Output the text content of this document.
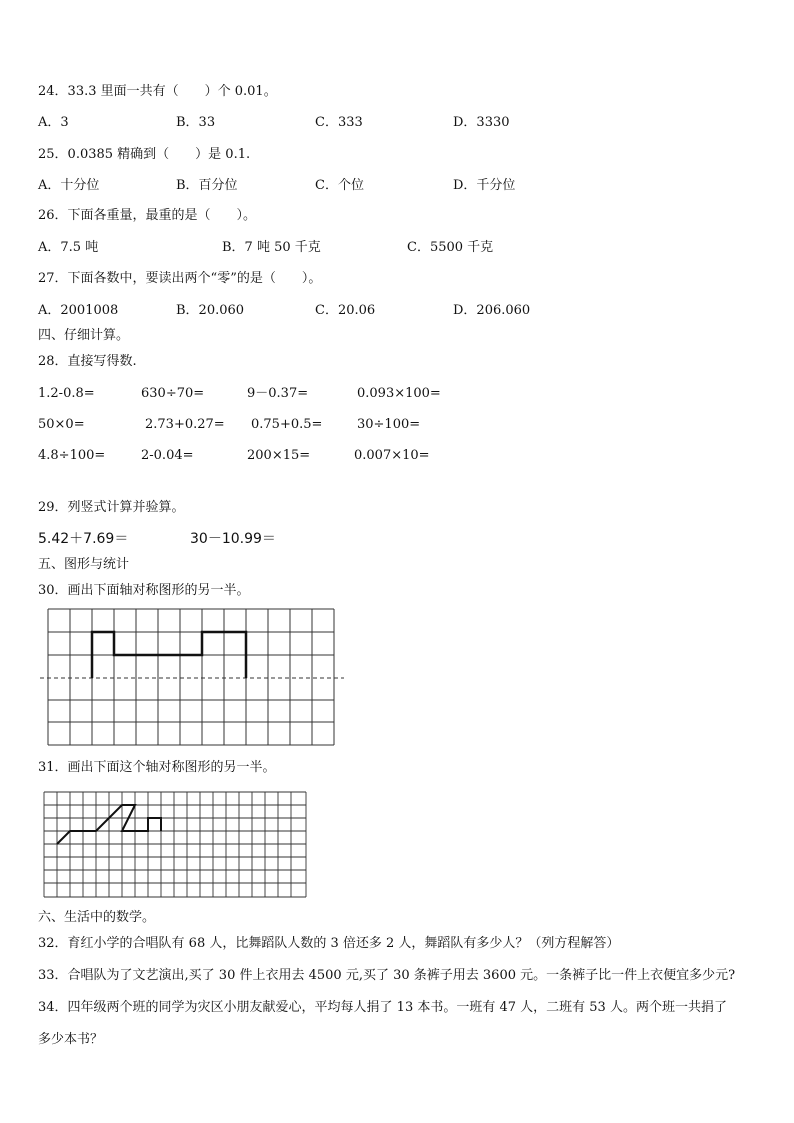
24．33.3 里面一共有（　　）个 0.01。
A．3	B．33	C．333	D．3330
25．0.0385 精确到（　　）是 0.1.
A．十分位	B．百分位	C．个位	D．千分位
26．下面各重量，最重的是（　　）。
A．7.5 吨	B．7 吨 50 千克	C．5500 千克
27．下面各数中，要读出两个“零”的是（　　）。
A．2001008	B．20.060	C．20.06	D．206.060
四、仔细计算。
28．直接写得数.
1.2-0.8=	630÷70=	9－0.37=	0.093×100=
50×0=	2.73+0.27= 0.75+0.5=	30÷100=
4.8÷100=	2-0.04=	200×15=	0.007×10=
29．列竖式计算并验算。
5.42＋7.69＝	30－10.99＝
五、图形与统计
30．画出下面轴对称图形的另一半。
31．画出下面这个轴对称图形的另一半。
六、生活中的数学。
32．育红小学的合唱队有 68 人，比舞蹈队人数的 3 倍还多 2 人，舞蹈队有多少人？（列方程解答）
33．合唱队为了文艺演出,买了 30 件上衣用去 4500 元,买了 30 条裤子用去 3600 元。一条裤子比一件上衣便宜多少元?
34．四年级两个班的同学为灾区小朋友献爱心，平均每人捐了 13 本书。一班有 47 人，二班有 53 人。两个班一共捐了
多少本书？
